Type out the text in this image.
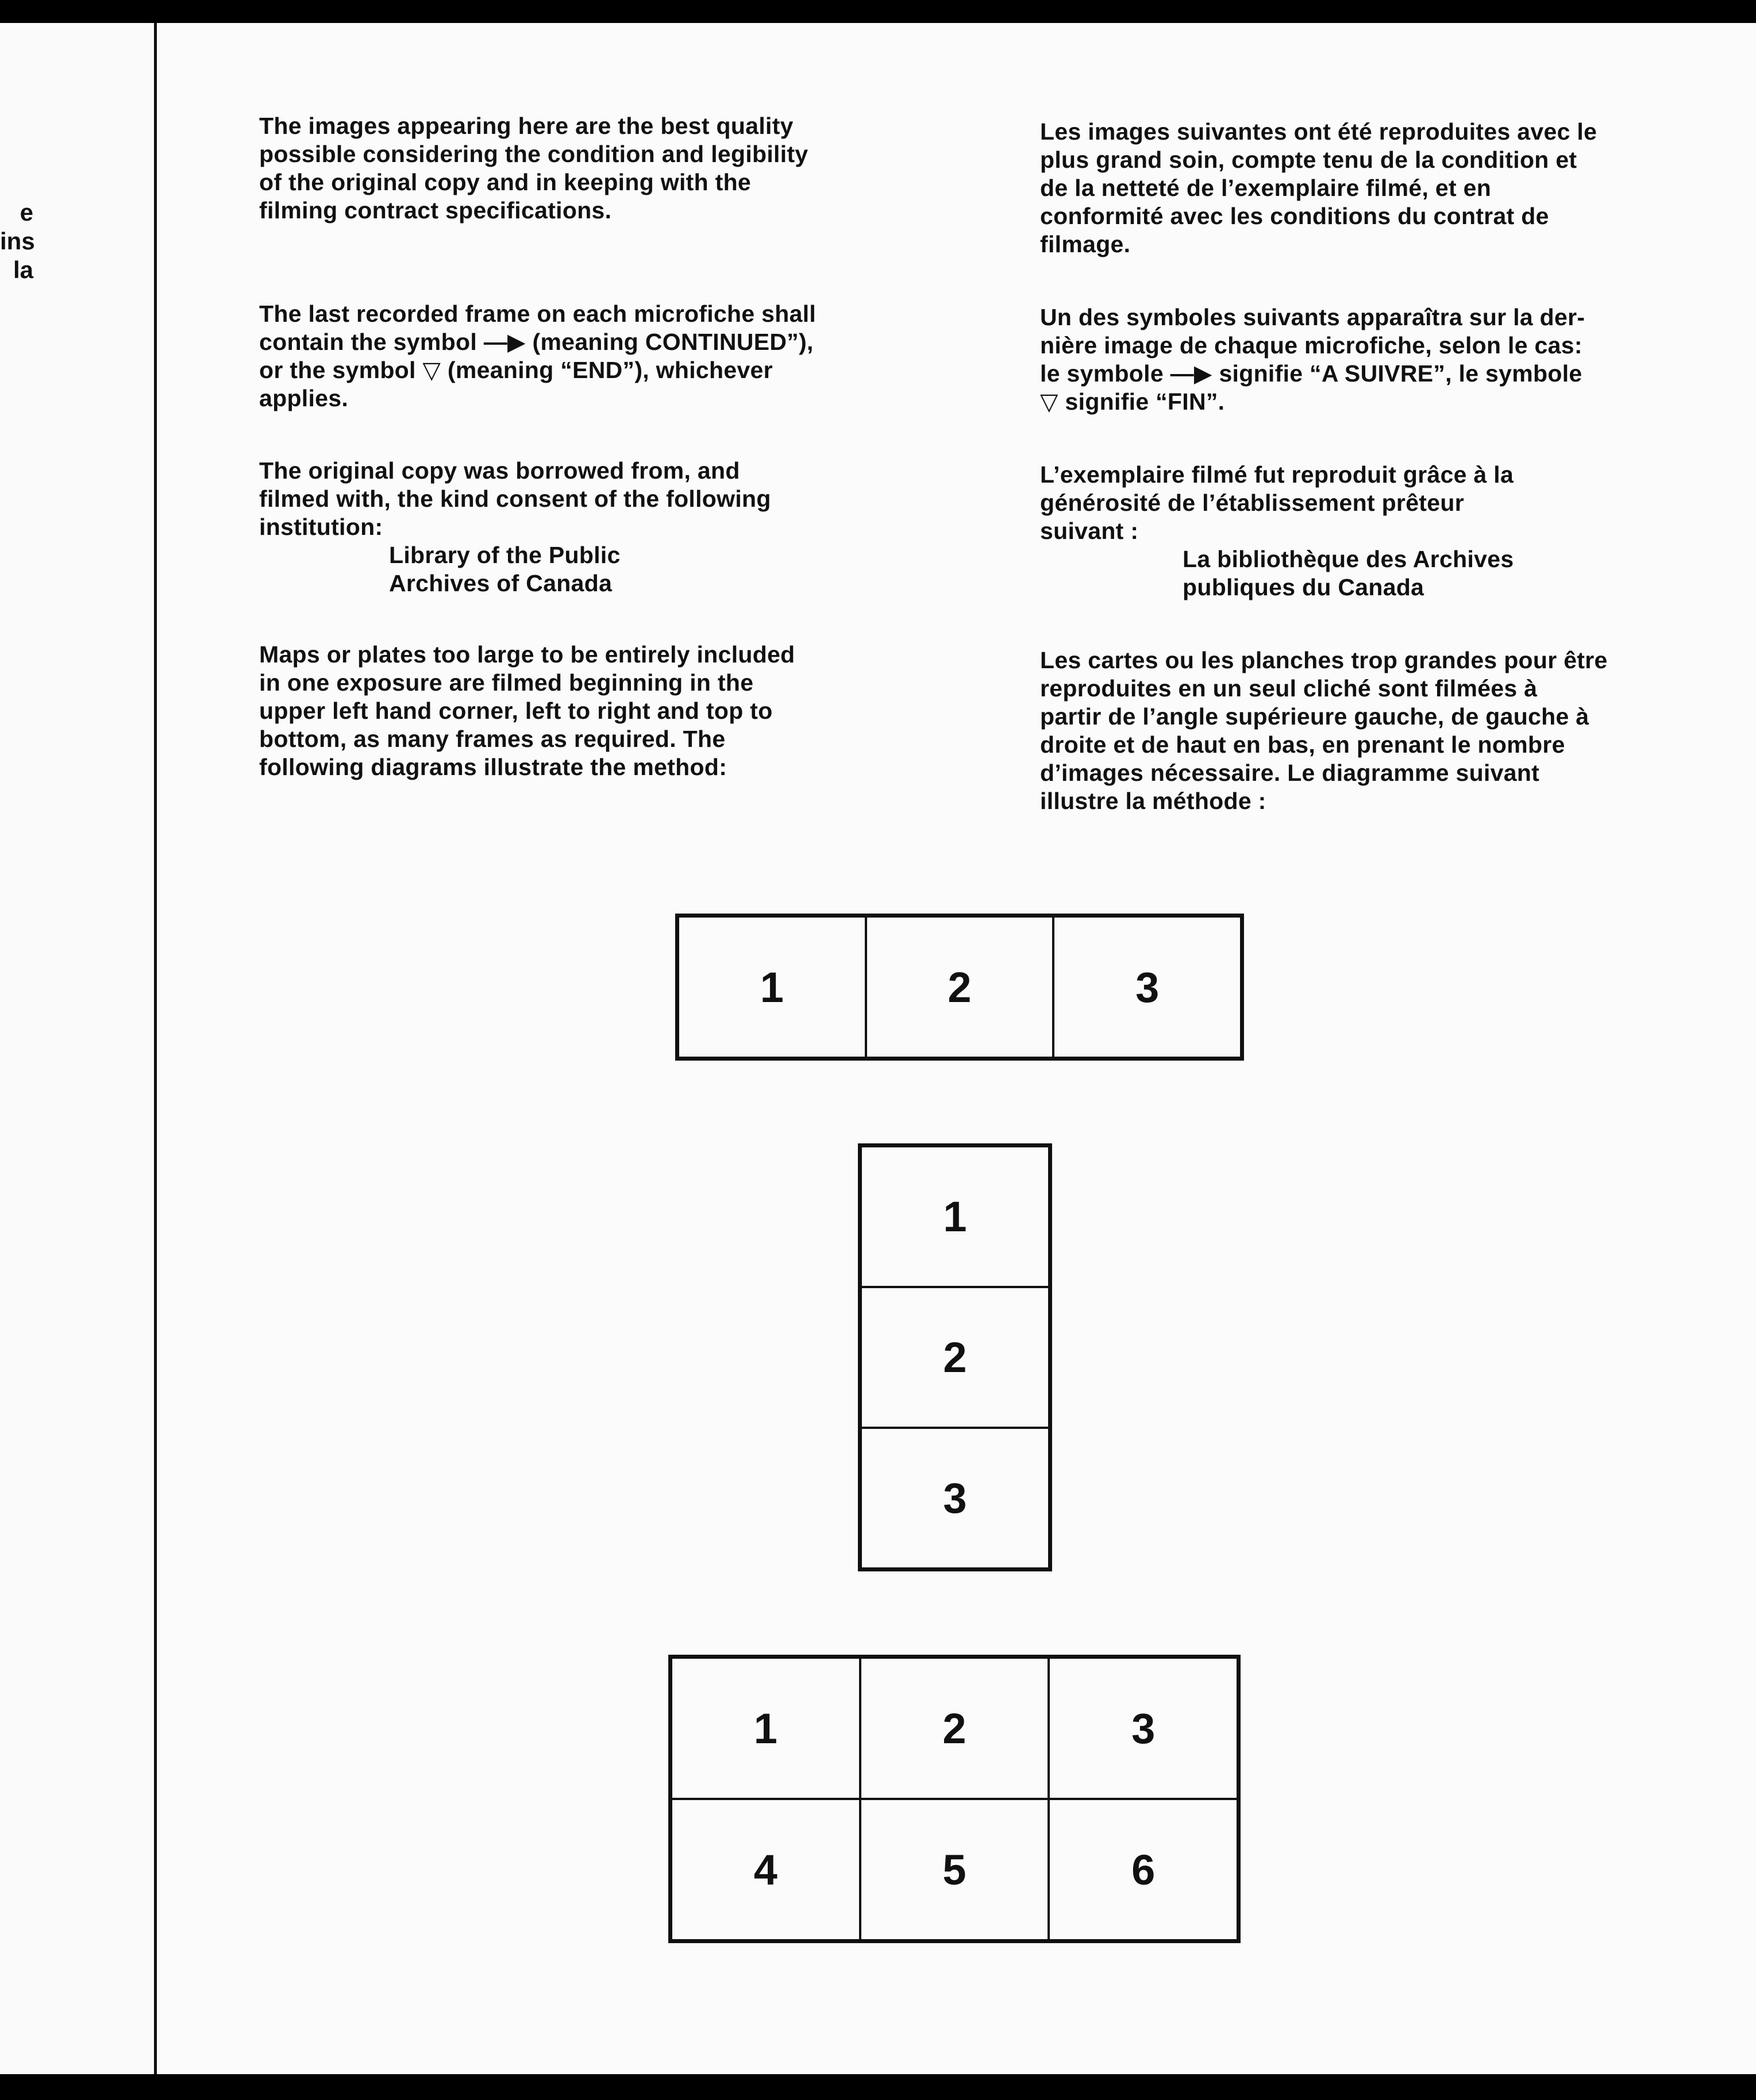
e
ins
la

The images appearing here are the best quality
possible considering the condition and legibility
of the original copy and in keeping with the
filming contract specifications.

The last recorded frame on each microfiche shall
contain the symbol —▶ (meaning CONTINUED”),
or the symbol ▽ (meaning “END”), whichever
applies.

The original copy was borrowed from, and
filmed with, the kind consent of the following
institution:

Library of the Public
Archives of Canada

Maps or plates too large to be entirely included
in one exposure are filmed beginning in the
upper left hand corner, left to right and top to
bottom, as many frames as required. The
following diagrams illustrate the method:

Les images suivantes ont été reproduites avec le
plus grand soin, compte tenu de la condition et
de la netteté de l’exemplaire filmé, et en
conformité avec les conditions du contrat de
filmage.

Un des symboles suivants apparaîtra sur la der-
nière image de chaque microfiche, selon le cas:
le symbole —▶ signifie “A SUIVRE”, le symbole
▽ signifie “FIN”.

L’exemplaire filmé fut reproduit grâce à la
générosité de l’établissement prêteur
suivant :

La bibliothèque des Archives
publiques du Canada

Les cartes ou les planches trop grandes pour être
reproduites en un seul cliché sont filmées à
partir de l’angle supérieure gauche, de gauche à
droite et de haut en bas, en prenant le nombre
d’images nécessaire. Le diagramme suivant
illustre la méthode :

1	2	3
1
2
3
1	2	3
4	5	6
